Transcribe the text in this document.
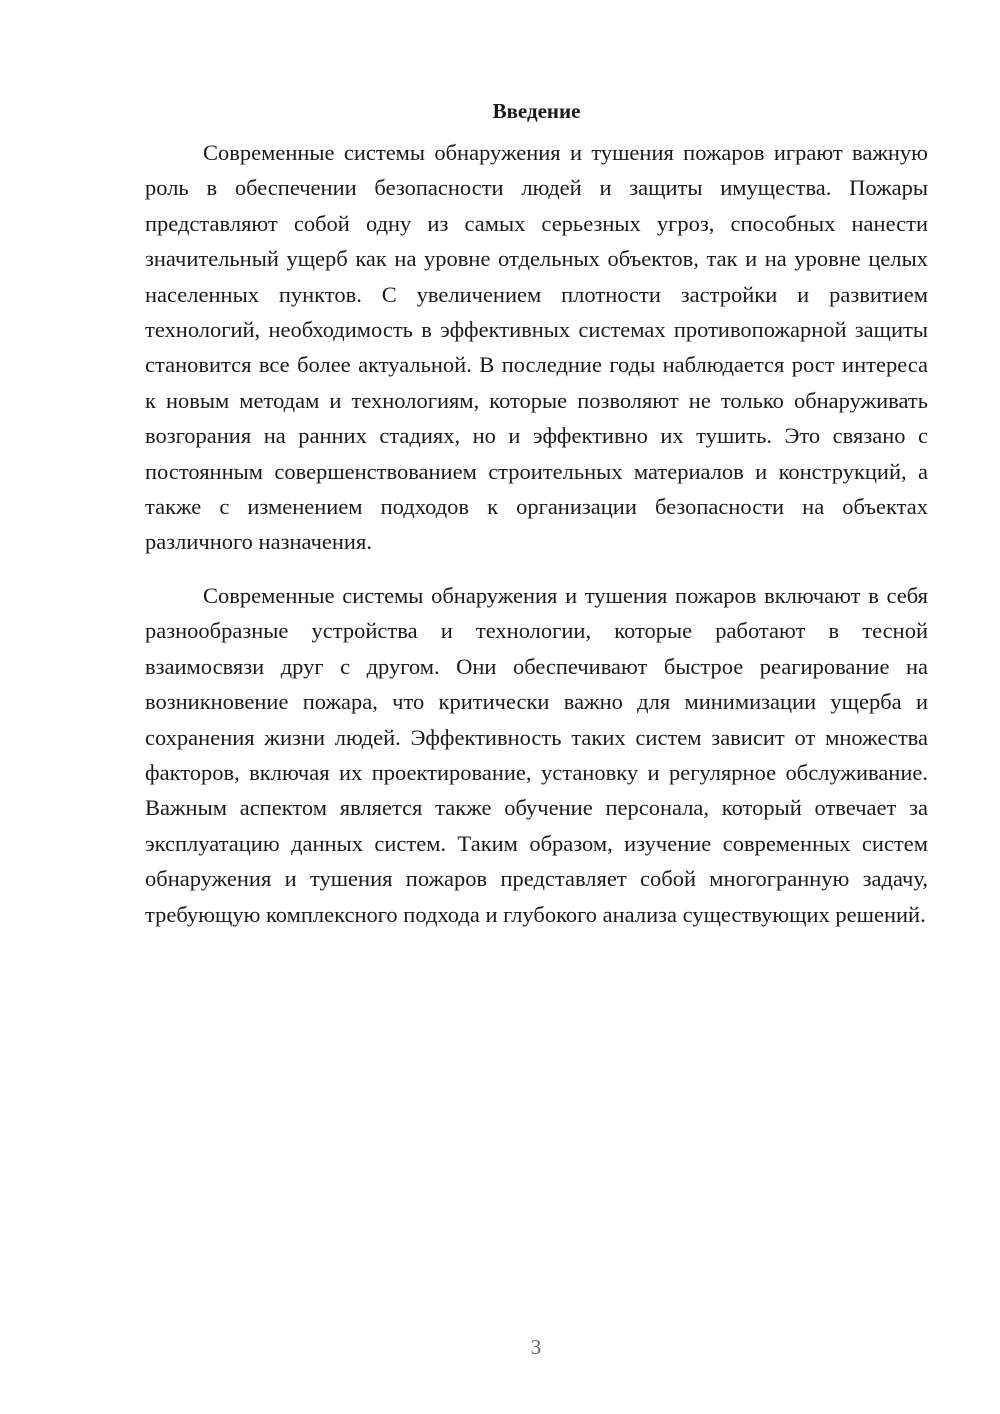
Введение

Современные системы обнаружения и тушения пожаров играют важную роль в обеспечении безопасности людей и защиты имущества. Пожары представляют собой одну из самых серьезных угроз, способных нанести значительный ущерб как на уровне отдельных объектов, так и на уровне целых населенных пунктов. С увеличением плотности застройки и развитием технологий, необходимость в эффективных системах противопожарной защиты становится все более актуальной. В последние годы наблюдается рост интереса к новым методам и технологиям, которые позволяют не только обнаруживать возгорания на ранних стадиях, но и эффективно их тушить. Это связано с постоянным совершенствованием строительных материалов и конструкций, а также с изменением подходов к организации безопасности на объектах различного назначения.

Современные системы обнаружения и тушения пожаров включают в себя разнообразные устройства и технологии, которые работают в тесной взаимосвязи друг с другом. Они обеспечивают быстрое реагирование на возникновение пожара, что критически важно для минимизации ущерба и сохранения жизни людей. Эффективность таких систем зависит от множества факторов, включая их проектирование, установку и регулярное обслуживание. Важным аспектом является также обучение персонала, который отвечает за эксплуатацию данных систем. Таким образом, изучение современных систем обнаружения и тушения пожаров представляет собой многогранную задачу, требующую комплексного подхода и глубокого анализа существующих решений.

3
